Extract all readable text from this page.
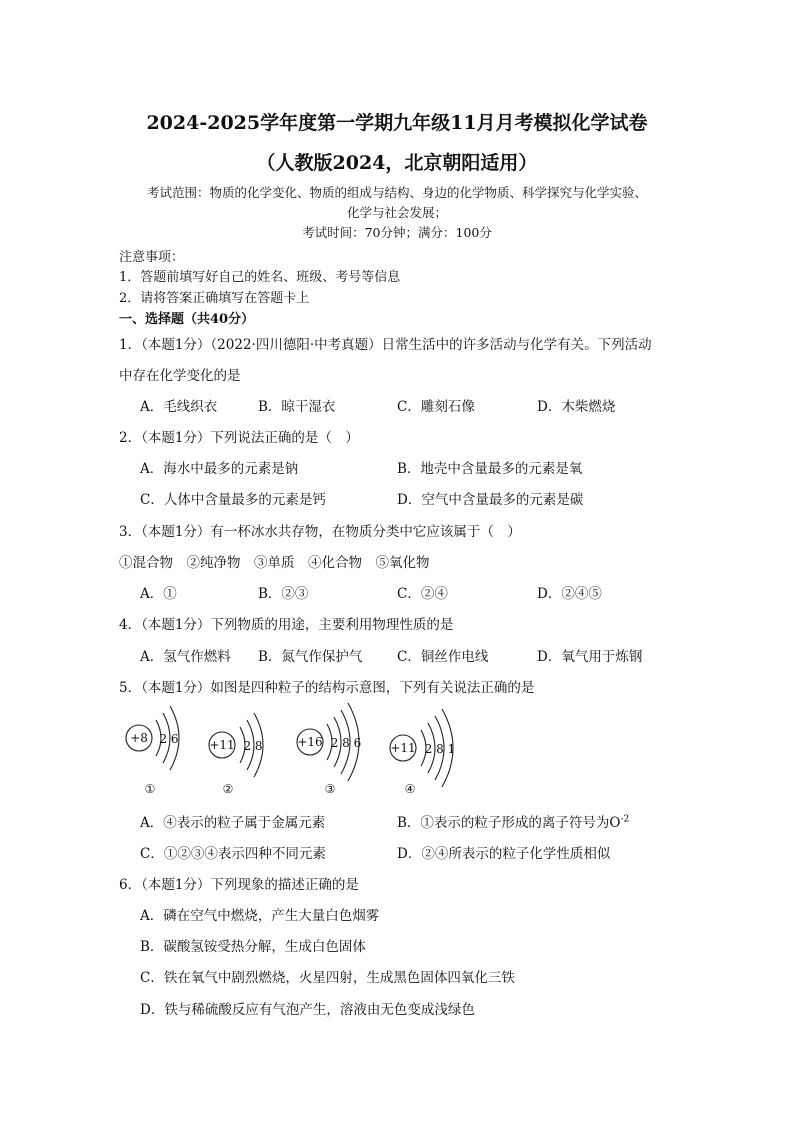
2024-2025学年度第一学期九年级11月月考模拟化学试卷
（人教版2024，北京朝阳适用）
考试范围：物质的化学变化、物质的组成与结构、身边的化学物质、科学探究与化学实验、
化学与社会发展；
考试时间：70分钟；满分：100分
注意事项：
1．答题前填写好自己的姓名、班级、考号等信息
2．请将答案正确填写在答题卡上
一、选择题（共40分）
1．（本题1分）（2022·四川德阳·中考真题）日常生活中的许多活动与化学有关。下列活动
中存在化学变化的是
A．毛线织衣	B．晾干湿衣	C．雕刻石像	D．木柴燃烧
2．（本题1分）下列说法正确的是（　）
A．海水中最多的元素是钠	B．地壳中含量最多的元素是氧
C．人体中含量最多的元素是钙	D．空气中含量最多的元素是碳
3．（本题1分）有一杯冰水共存物，在物质分类中它应该属于（　）
①混合物　②纯净物　③单质　④化合物　⑤氧化物
A．①	B．②③	C．②④	D．②④⑤
4．（本题1分）下列物质的用途，主要利用物理性质的是
A．氢气作燃料 B．氮气作保护气	C．铜丝作电线	D．氧气用于炼钢
5．（本题1分）如图是四种粒子的结构示意图，下列有关说法正确的是
+8 2 6
①
+11 2 8
②
+16 2 8 6
③
+11 2 8 1
④
A．④表示的粒子属于金属元素	B．①表示的粒子形成的离子符号为$O^{-2}$
C．①②③④表示四种不同元素	D．②④所表示的粒子化学性质相似
6．（本题1分）下列现象的描述正确的是
A．磷在空气中燃烧，产生大量白色烟雾
B．碳酸氢铵受热分解，生成白色固体
C．铁在氧气中剧烈燃烧，火星四射，生成黑色固体四氧化三铁
D．铁与稀硫酸反应有气泡产生，溶液由无色变成浅绿色
